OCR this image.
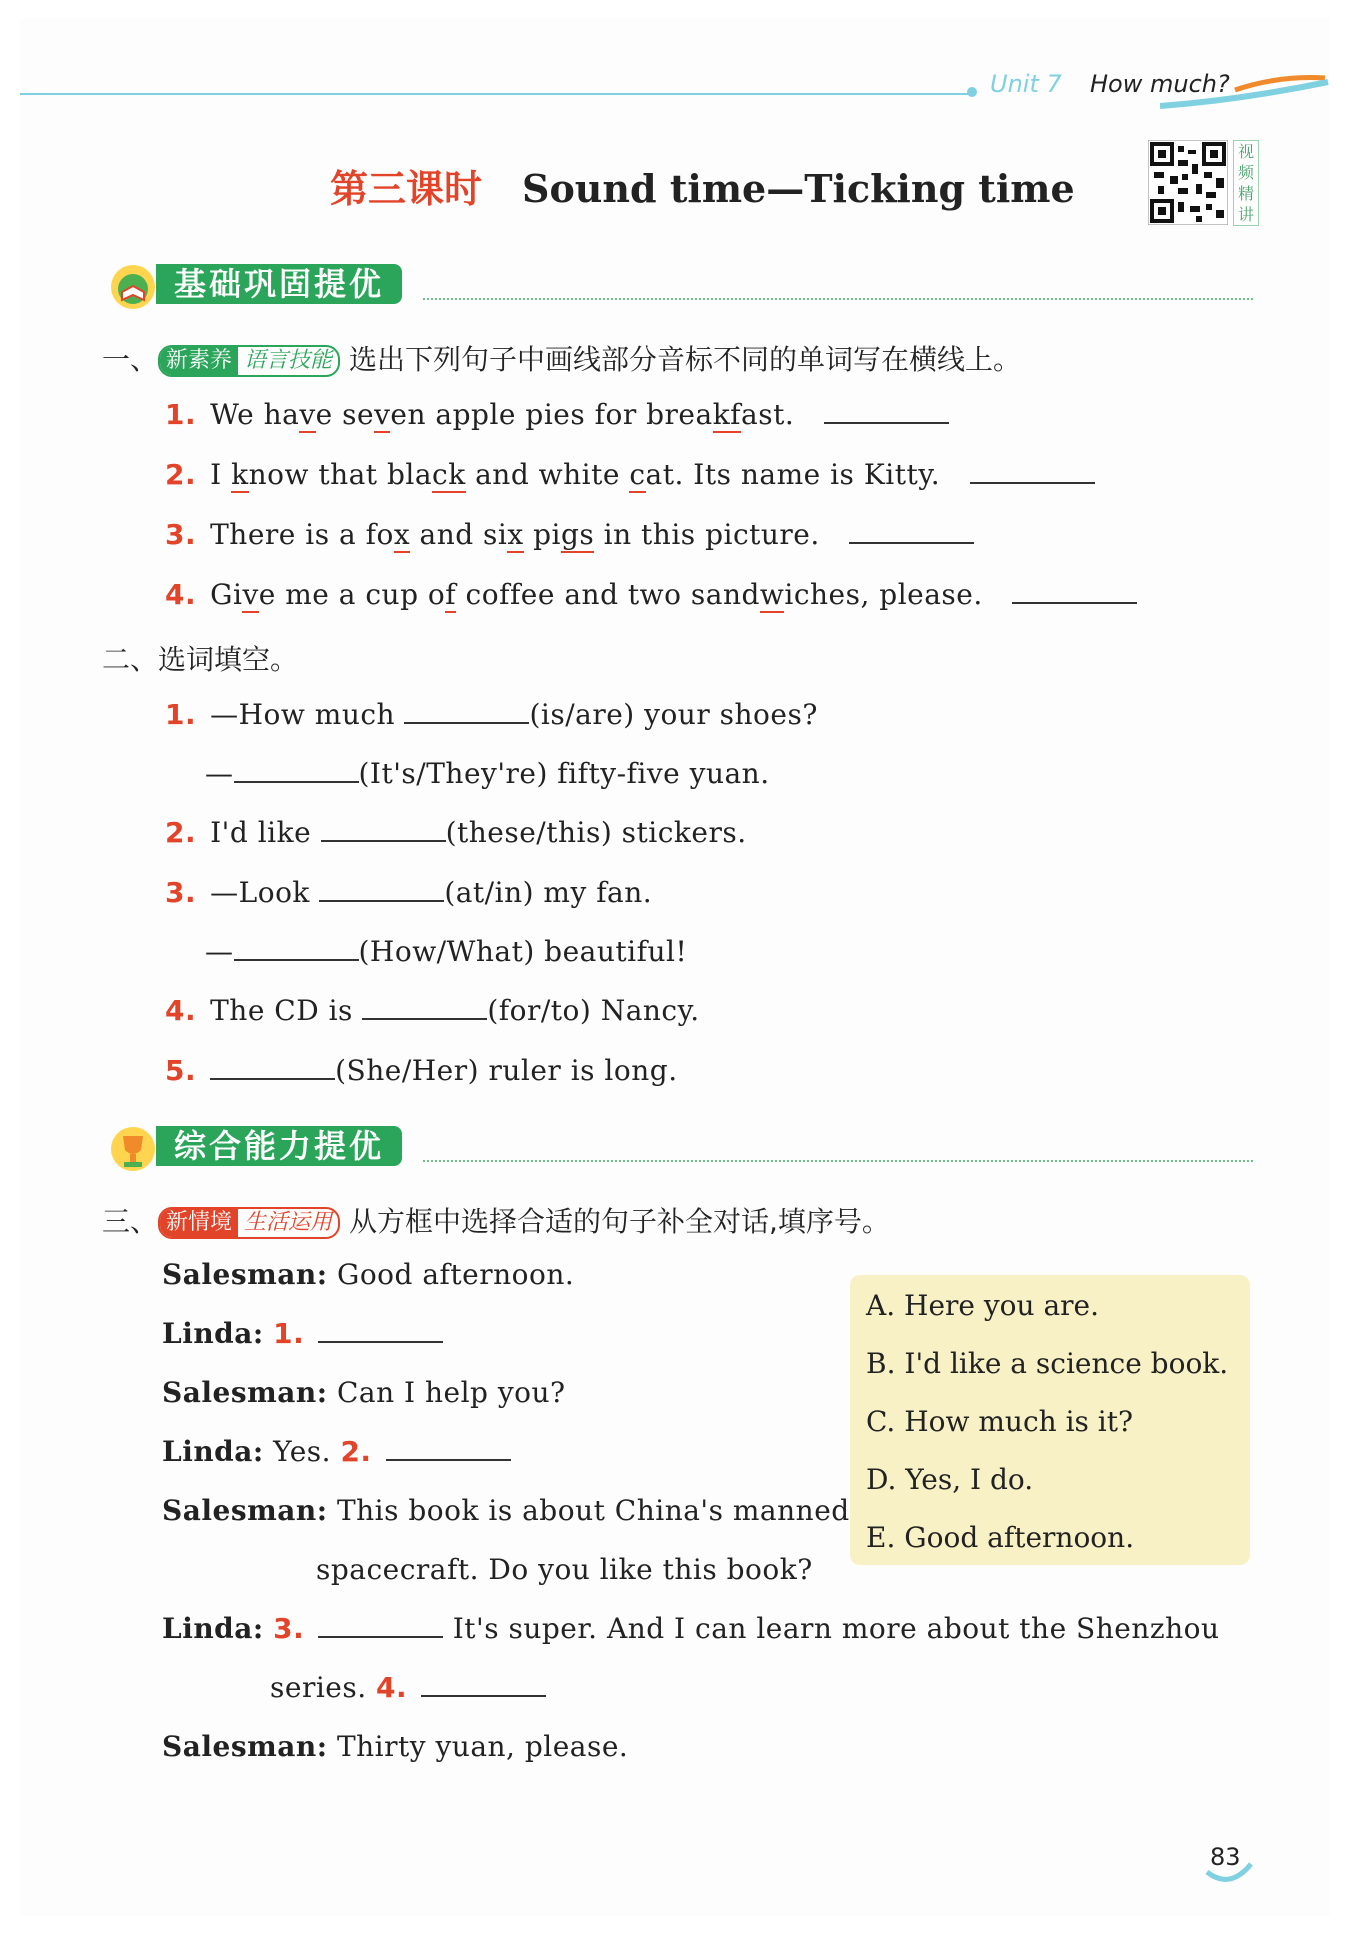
Unit 7 How much?
第三课时 Sound time—Ticking time
视
频
精
讲
基础巩固提优
一、 新素养 语言技能 选出下列句子中画线部分音标不同的单词写在横线上。
1. We have seven apple pies for breakfast.
2. I know that black and white cat. Its name is Kitty.
3. There is a fox and six pigs in this picture.
4. Give me a cup of coffee and two sandwiches, please.
二、选词填空。
1. —How much	(is/are) your shoes?
—	(It's/They're) fifty-five yuan.
2. I'd like	(these/this) stickers.
3. —Look	(at/in) my fan.
—	(How/What) beautiful!
4. The CD is	(for/to) Nancy.
5.	(She/Her) ruler is long.
综合能力提优
三、 新情境 生活运用 从方框中选择合适的句子补全对话,填序号。
A. Here you are.
B. I'd like a science book.
C. How much is it?
D. Yes, I do.
E. Good afternoon.
Salesman: Good afternoon.
Linda: 1.
Salesman: Can I help you?
Linda: Yes. 2.
Salesman: This book is about China's manned
spacecraft. Do you like this book?
Linda: 3.	It's super. And I can learn more about the Shenzhou
series. 4.
Salesman: Thirty yuan, please.
83
